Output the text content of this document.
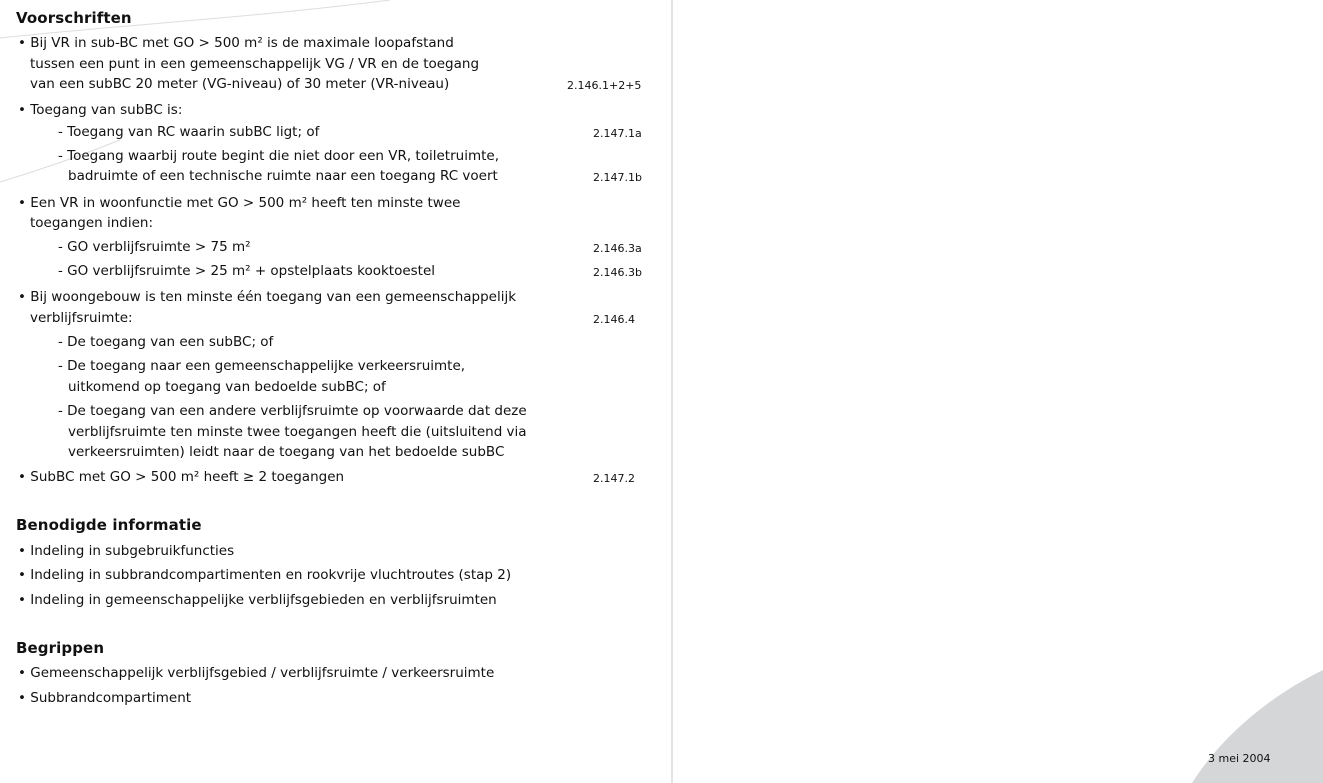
Voorschriften
• Bij VR in sub-BC met GO > 500 m² is de maximale loopafstand
tussen een punt in een gemeenschappelijk VG / VR en de toegang
van een subBC 20 meter (VG-niveau) of 30 meter (VR-niveau)	2.146.1+2+5
• Toegang van subBC is:
- Toegang van RC waarin subBC ligt; of	2.147.1a
- Toegang waarbij route begint die niet door een VR, toiletruimte,
badruimte of een technische ruimte naar een toegang RC voert	2.147.1b
• Een VR in woonfunctie met GO > 500 m² heeft ten minste twee
toegangen indien:
- GO verblijfsruimte > 75 m²	2.146.3a
- GO verblijfsruimte > 25 m² + opstelplaats kooktoestel	2.146.3b
• Bij woongebouw is ten minste één toegang van een gemeenschappelijk
verblijfsruimte:	2.146.4
- De toegang van een subBC; of
- De toegang naar een gemeenschappelijke verkeersruimte,
uitkomend op toegang van bedoelde subBC; of
- De toegang van een andere verblijfsruimte op voorwaarde dat deze
verblijfsruimte ten minste twee toegangen heeft die (uitsluitend via
verkeersruimten) leidt naar de toegang van het bedoelde subBC
• SubBC met GO > 500 m² heeft ≥ 2 toegangen	2.147.2
Benodigde informatie
• Indeling in subgebruikfuncties
• Indeling in subbrandcompartimenten en rookvrije vluchtroutes (stap 2)
• Indeling in gemeenschappelijke verblijfsgebieden en verblijfsruimten
Begrippen
• Gemeenschappelijk verblijfsgebied / verblijfsruimte / verkeersruimte
• Subbrandcompartiment
3 mei 2004
